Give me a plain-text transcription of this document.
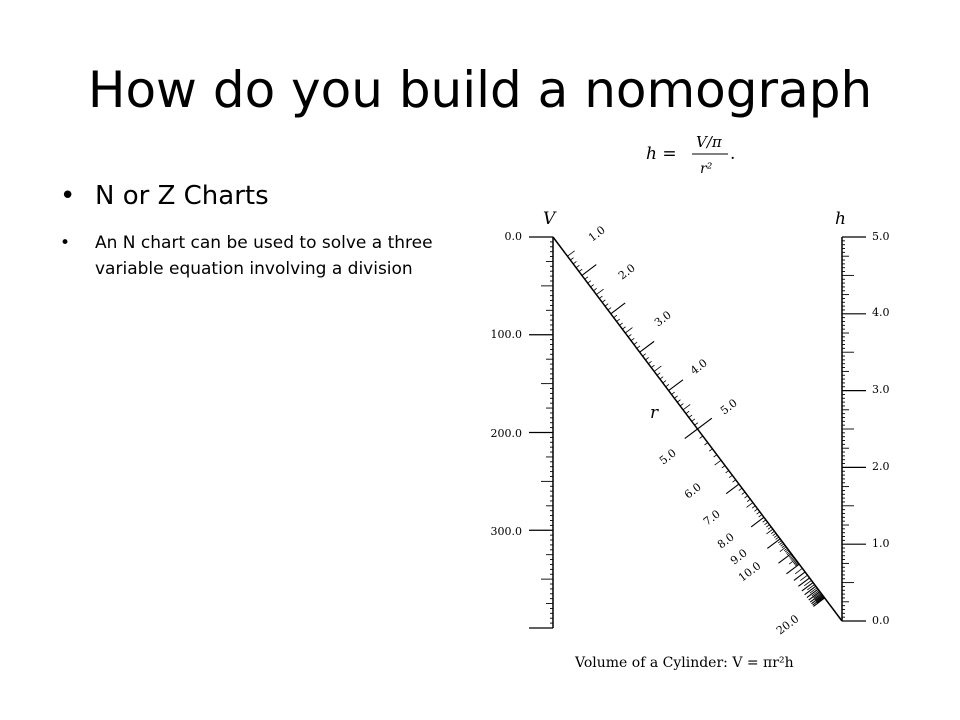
How do you build a nomograph
• N or Z Charts
• An N chart can be used to solve a three variable equation involving a division
h =
V/π
r²
.
V	h
r
0.0
100.0
200.0
300.0
0.0
1.0
2.0
3.0
4.0
5.0
1.0
2.0
3.0
4.0
5.0
5.0
6.0
7.0
8.0
9.0
10.0
20.0
Volume of a Cylinder: V = πr²h
